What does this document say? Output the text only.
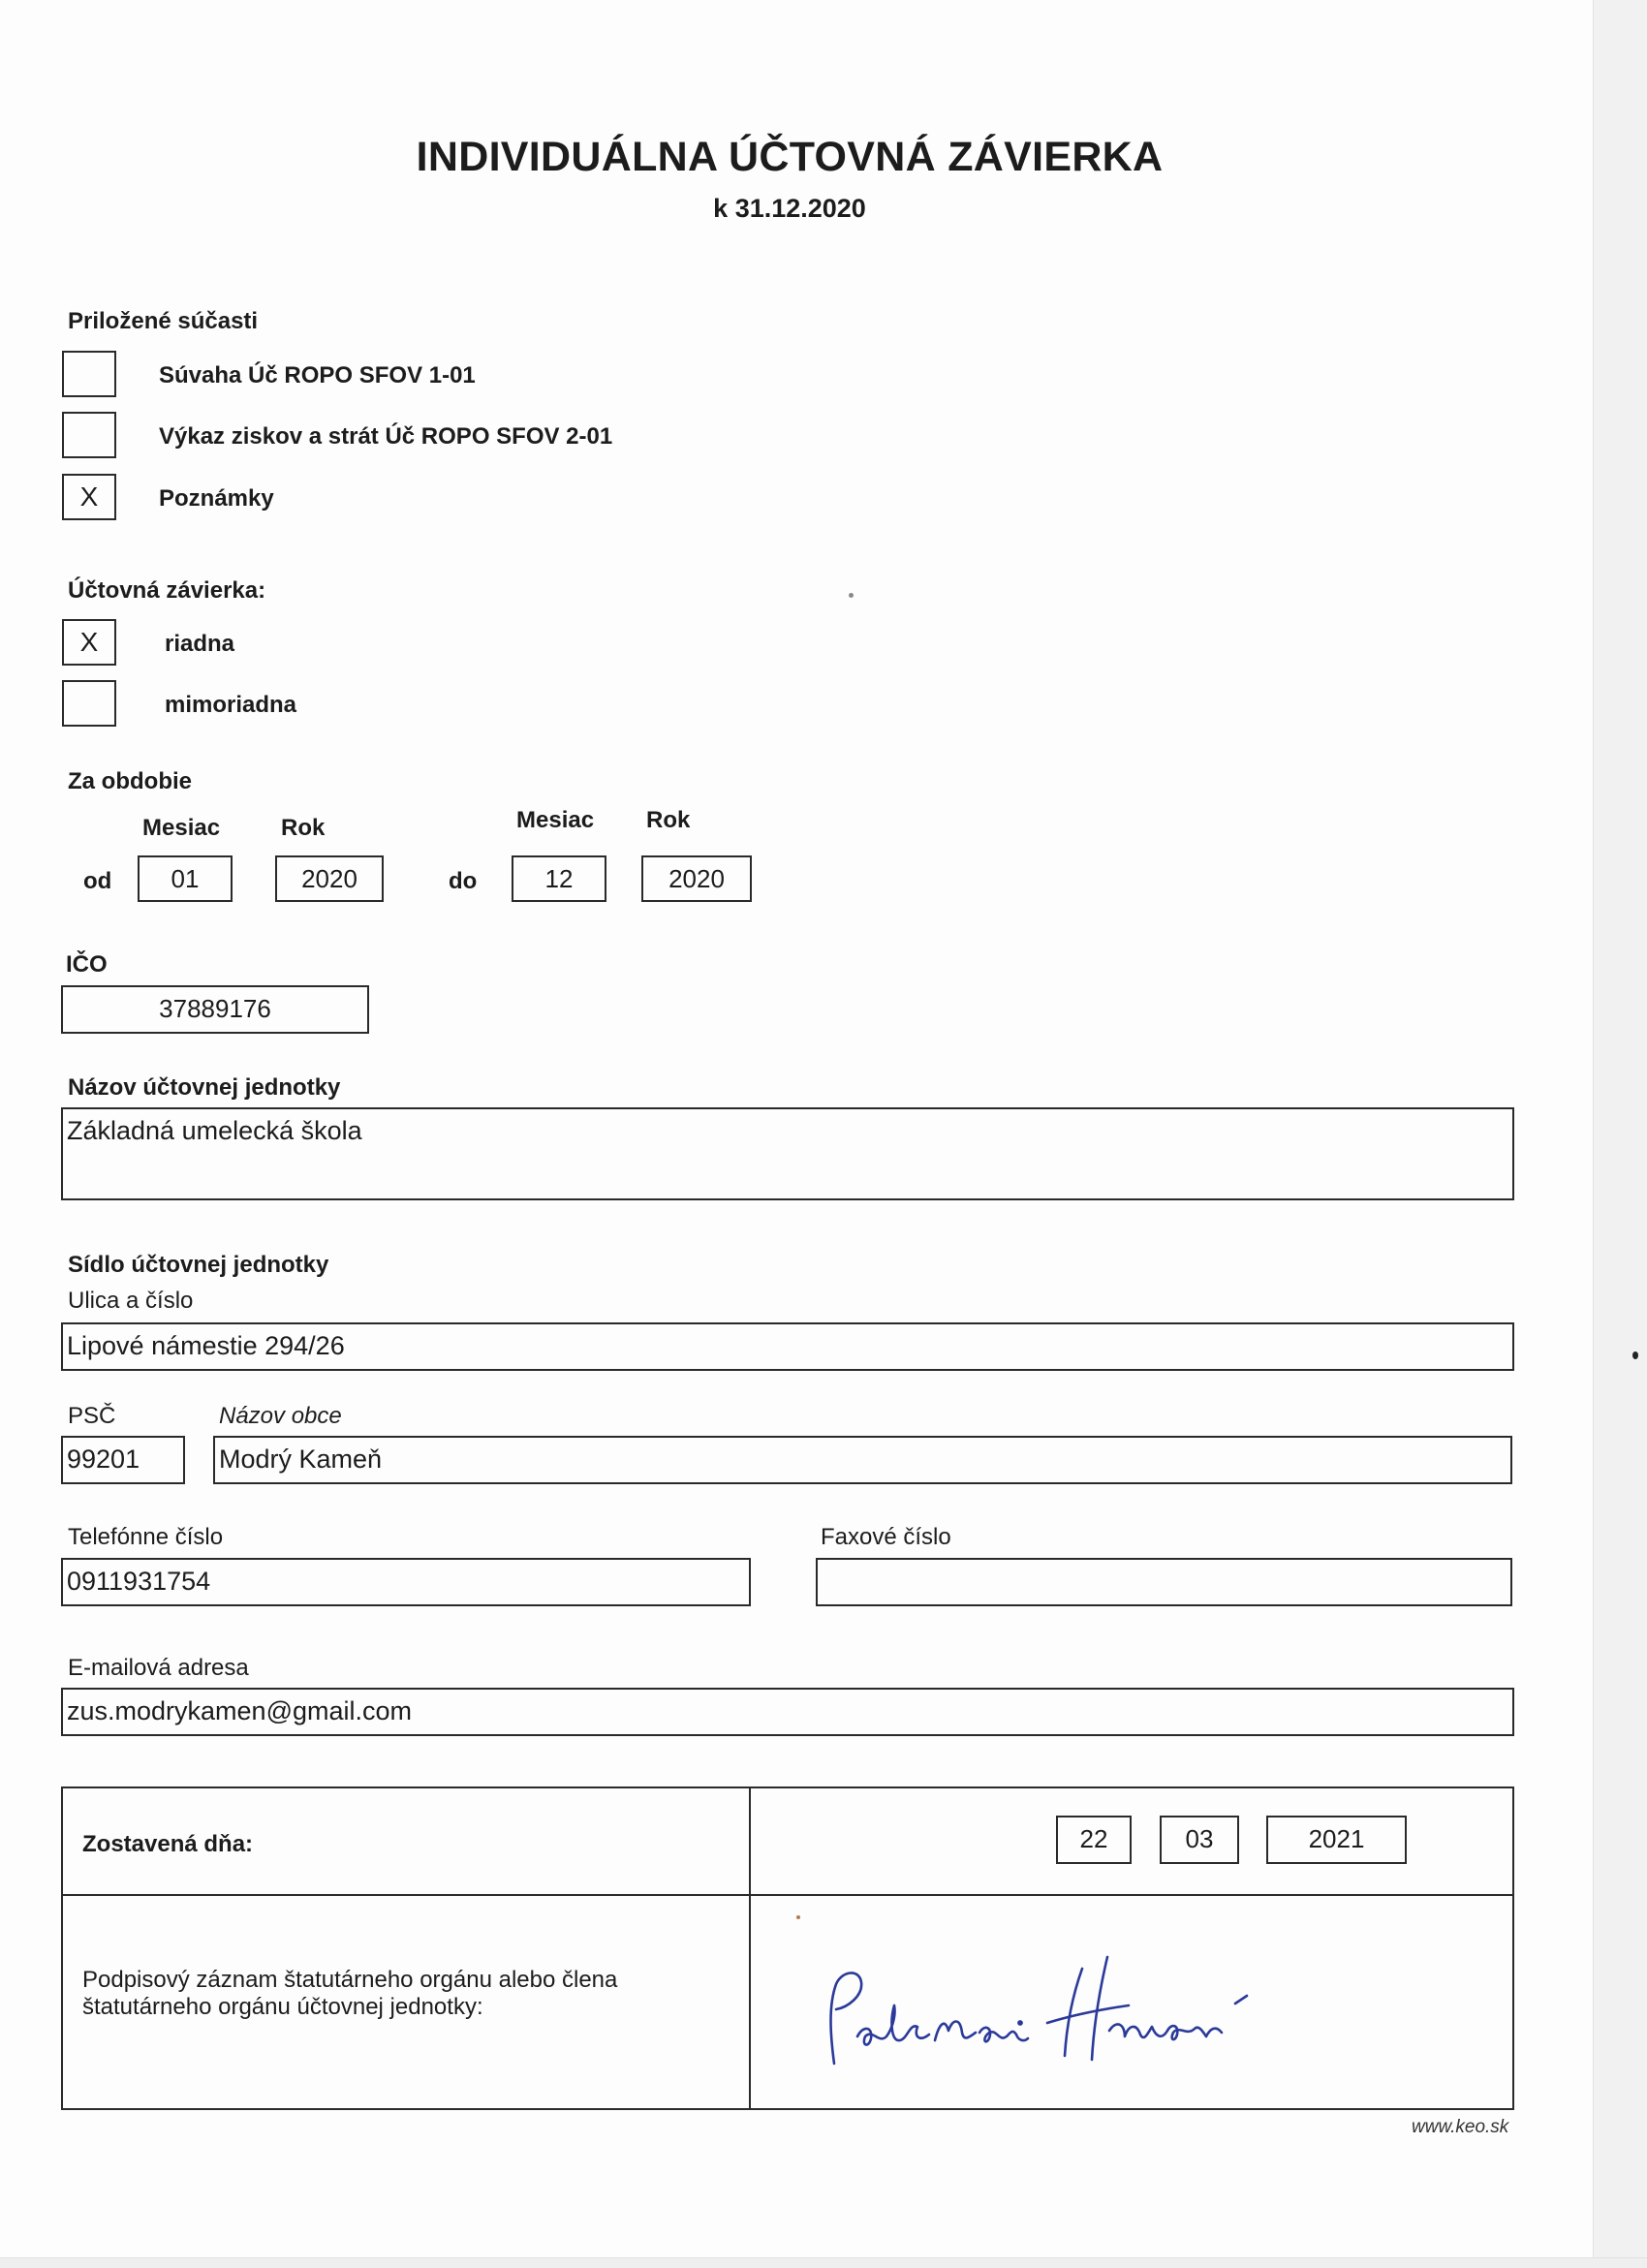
INDIVIDUÁLNA ÚČTOVNÁ ZÁVIERKA
k 31.12.2020
Priložené súčasti
Súvaha Úč ROPO SFOV 1-01
Výkaz ziskov a strát Úč ROPO SFOV 2-01
X	Poznámky
Účtovná závierka:
X	riadna
mimoriadna
Za obdobie
Mesiac	Rok	Mesiac Rok
od	01	2020	do	12	2020
IČO
37889176
Názov účtovnej jednotky
Základná umelecká škola
Sídlo účtovnej jednotky
Ulica a číslo
Lipové námestie 294/26
PSČ	Názov obce
99201	Modrý Kameň
Telefónne číslo	Faxové číslo
0911931754
E-mailová adresa
zus.modrykamen@gmail.com
Zostavená dňa:	22	03	2021
Podpisový záznam štatutárneho orgánu alebo člena
štatutárneho orgánu účtovnej jednotky:
www.keo.sk
